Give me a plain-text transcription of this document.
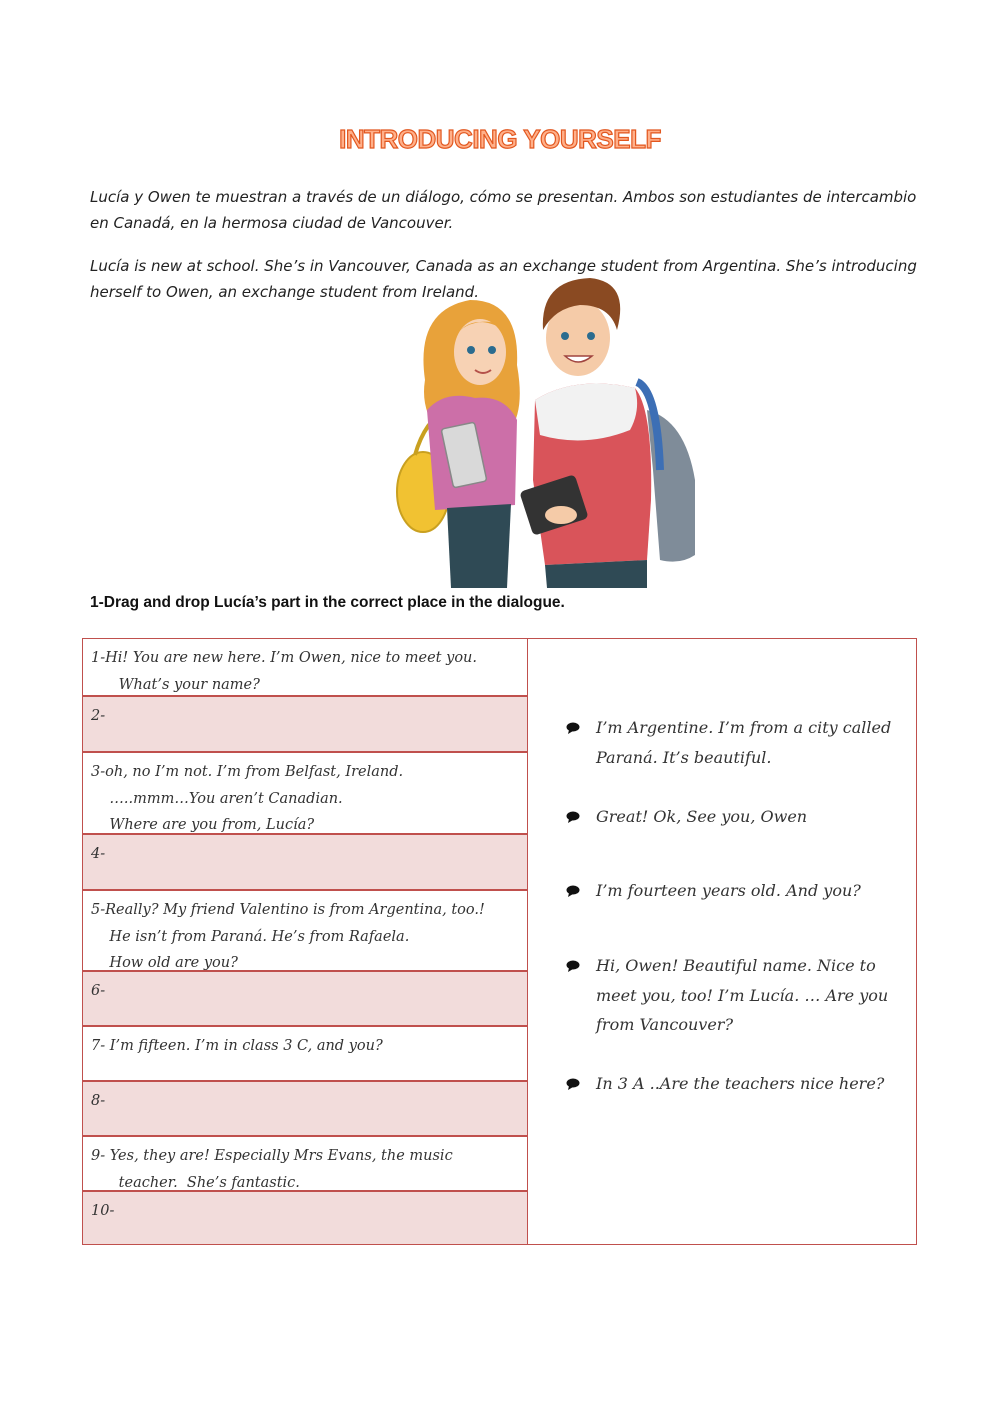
INTRODUCING YOURSELF
Lucía y Owen te muestran a través de un diálogo, cómo se presentan. Ambos son estudiantes de intercambio en Canadá, en la hermosa ciudad de Vancouver.
Lucía is new at school. She’s in Vancouver, Canada as an exchange student from Argentina. She’s introducing herself to Owen, an exchange student from Ireland.
1-Drag and drop Lucía’s part in the correct place in the dialogue.
1-Hi! You are new here. I’m Owen, nice to meet you.
What’s your name?
2-
3-oh, no I’m not. I’m from Belfast, Ireland.
…..mmm…You aren’t Canadian.
Where are you from, Lucía?
4-
5-Really? My friend Valentino is from Argentina, too.!
He isn’t from Paraná. He’s from Rafaela.
How old are you?
6-
7- I’m fifteen. I’m in class 3 C, and you?
8-
9- Yes, they are! Especially Mrs Evans, the music
teacher.  She’s fantastic.
10-
I’m Argentine. I’m from a city called
Paraná. It’s beautiful.
Great! Ok, See you, Owen
I’m fourteen years old. And you?
Hi, Owen! Beautiful name. Nice to
meet you, too! I’m Lucía. … Are you
from Vancouver?
In 3 A ..Are the teachers nice here?
